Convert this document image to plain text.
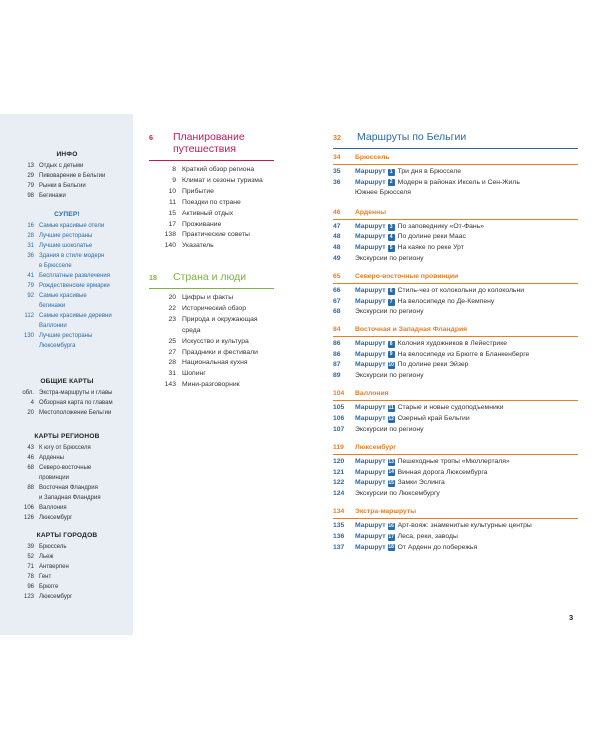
ИНФО
13 Отдых с детьми
29 Пивоварение в Бельгии
79 Рынки в Бельгии
98 Бегинажи
СУПЕР!
16 Самые красивые отели
28 Лучшие рестораны
31 Лучшие шоколатье
36 Здания в стиле модерн
в Брюсселе
41 Бесплатные развлечения
79 Рождественские ярмарки
92 Самые красивые
бегинажи
112 Самые красивые деревни
Валлонии
130 Лучшие рестораны
Люксембурга
ОБЩИЕ КАРТЫ
обл. Экстра-маршруты и главы
4 Обзорная карта по главам
20 Местоположение Бельгии
КАРТЫ РЕГИОНОВ
43 К югу от Брюсселя
46 Арденны
68 Северо-восточные
провинции
88 Восточная Фландрия
и Западная Фландрия
106 Валлония
126 Люксембург
КАРТЫ ГОРОДОВ
39 Брюссель
52 Льеж
71 Антверпен
78 Гент
96 Брюгге
123 Люксембург
6	Планирование
путешествия
8 Краткий обзор региона
9 Климат и сезоны туризма
10 Прибытие
11 Поездки по стране
15 Активный отдых
17 Проживание
138 Практические советы
140 Указатель
18	Страна и люди
20 Цифры и факты
22 Исторический обзор
23 Природа и окружающая
среда
25 Искусство и культура
27 Праздники и фестивали
28 Национальная кухня
31 Шопинг
143 Мини-разговорник
32	Маршруты по Бельгии
34	Брюссель
35	Маршрут 1 Три дня в Брюсселе
36	Маршрут 2 Модерн в районах Иксель и Сен-Жиль
Южнее Брюсселя
46	Арденны
47	Маршрут 3 По заповеднику «От-Фань»
48	Маршрут 4 По долине реки Маас
48	Маршрут 5 На каяке по реке Урт
49	Экскурсии по региону
65	Северо-восточные провинции
66	Маршрут 6 Стиль-чез от колокольни до колокольни
67	Маршрут 7 На велосипеде по Де-Кемпену
68	Экскурсии по региону
84	Восточная и Западная Фландрия
86	Маршрут 8 Колония художников в Лейестрике
86	Маршрут 9 На велосипеде из Брюгге в Бланкенберге
87	Маршрут 10 По долине реки Эйзер
89	Экскурсии по региону
104	Валлония
105	Маршрут 11 Старые и новые судоподъемники
106	Маршрут 12 Озерный край Бельгии
107	Экскурсии по региону
119	Люксембург
120	Маршрут 13 Пешеходные тропы «Мюллерталя»
121	Маршрут 14 Винная дорога Люксембурга
122	Маршрут 15 Замки Эслинга
124	Экскурсии по Люксембургу
134	Экстра-маршруты
135	Маршрут 16 Арт-вояж: знаменитые культурные центры
136	Маршрут 17 Леса, реки, заводы
137	Маршрут 18 От Арденн до побережья
3
